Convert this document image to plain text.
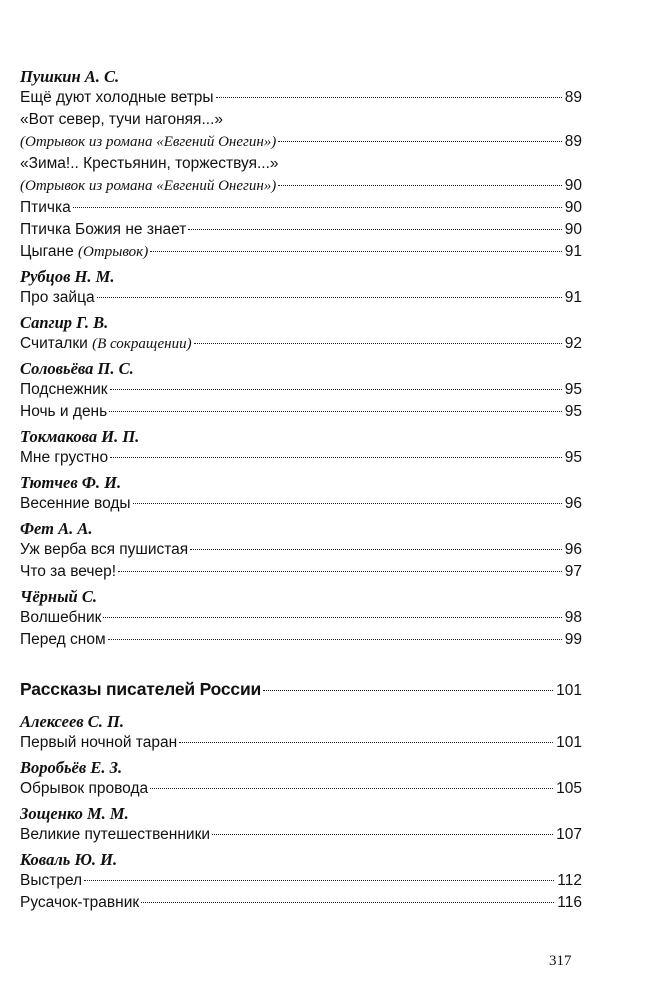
Пушкин А. С.
Ещё дуют холодные ветры	89
«Вот север, тучи нагоняя...»
(Отрывок из романа «Евгений Онегин»)	89
«Зима!.. Крестьянин, торжествуя...»
(Отрывок из романа «Евгений Онегин»)	90
Птичка	90
Птичка Божия не знает	90
Цыгане (Отрывок)	91
Рубцов Н. М.
Про зайца	91
Сапгир Г. В.
Считалки (В сокращении)	92
Соловьёва П. С.
Подснежник	95
Ночь и день	95
Токмакова И. П.
Мне грустно	95
Тютчев Ф. И.
Весенние воды	96
Фет А. А.
Уж верба вся пушистая	96
Что за вечер!	97
Чёрный С.
Волшебник	98
Перед сном	99
Рассказы писателей России	101
Алексеев С. П.
Первый ночной таран	101
Воробьёв Е. З.
Обрывок провода	105
Зощенко М. М.
Великие путешественники	107
Коваль Ю. И.
Выстрел	112
Русачок-травник	116
317
